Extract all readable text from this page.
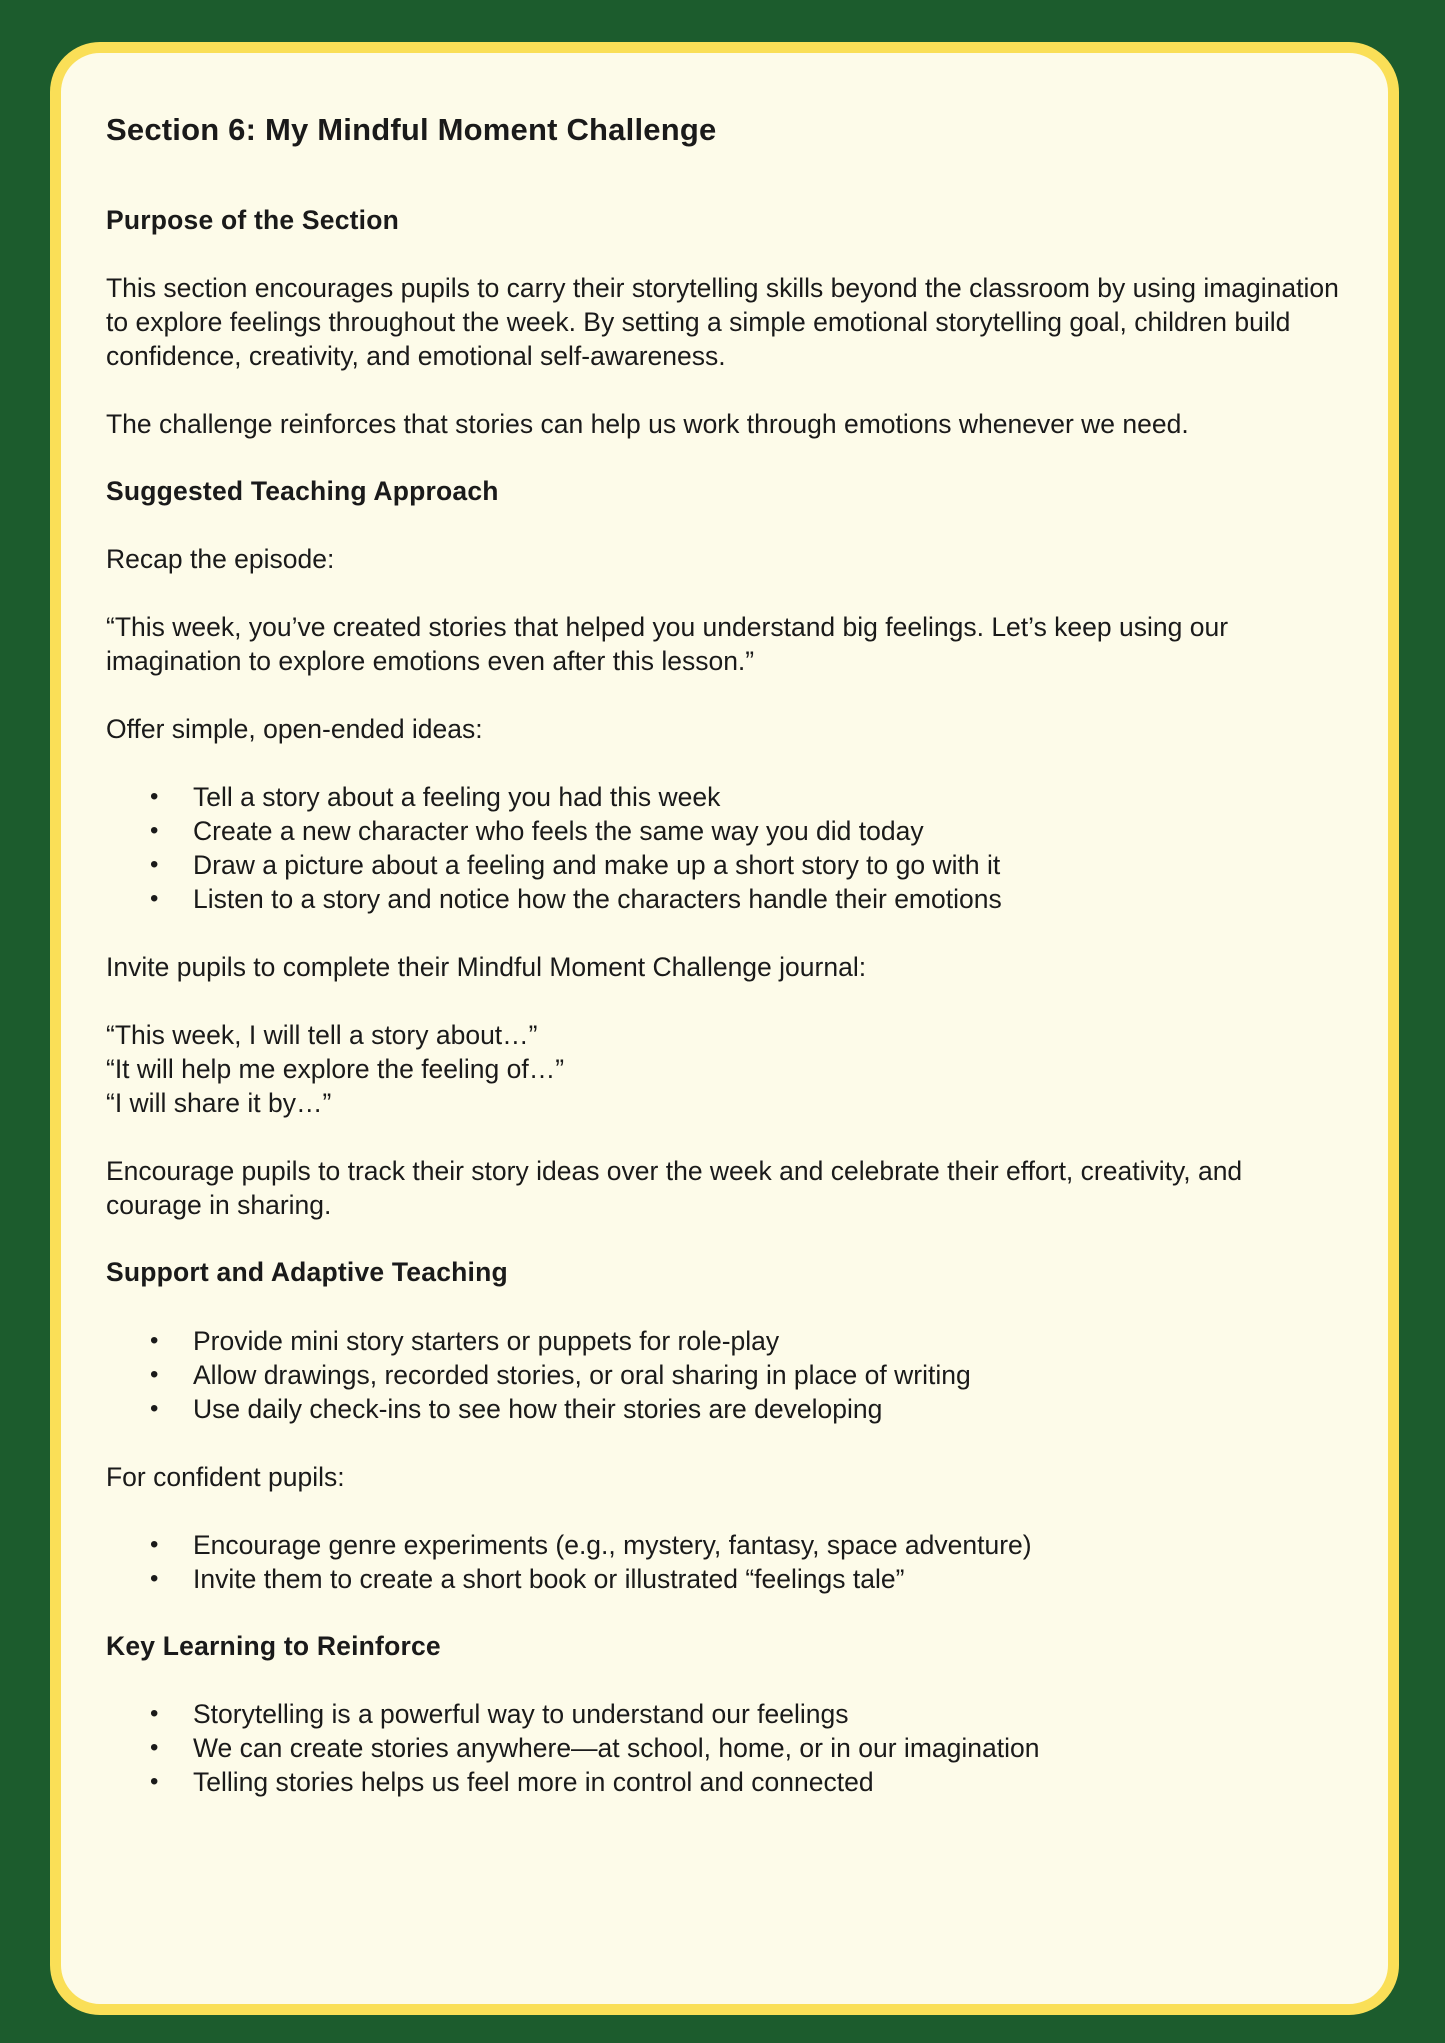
Section 6: My Mindful Moment Challenge
Purpose of the Section

This section encourages pupils to carry their storytelling skills beyond the classroom by using imagination to explore feelings throughout the week. By setting a simple emotional storytelling goal, children build confidence, creativity, and emotional self-awareness.

The challenge reinforces that stories can help us work through emotions whenever we need.

Suggested Teaching Approach

Recap the episode:

“This week, you’ve created stories that helped you understand big feelings. Let’s keep using our imagination to explore emotions even after this lesson.”

Offer simple, open-ended ideas:

• Tell a story about a feeling you had this week
• Create a new character who feels the same way you did today
• Draw a picture about a feeling and make up a short story to go with it
• Listen to a story and notice how the characters handle their emotions

Invite pupils to complete their Mindful Moment Challenge journal:

“This week, I will tell a story about…”
“It will help me explore the feeling of…”
“I will share it by…”

Encourage pupils to track their story ideas over the week and celebrate their effort, creativity, and courage in sharing.

Support and Adaptive Teaching
• Provide mini story starters or puppets for role-play
• Allow drawings, recorded stories, or oral sharing in place of writing
• Use daily check-ins to see how their stories are developing

For confident pupils:

• Encourage genre experiments (e.g., mystery, fantasy, space adventure)
• Invite them to create a short book or illustrated “feelings tale”
Key Learning to Reinforce
• Storytelling is a powerful way to understand our feelings
• We can create stories anywhere—at school, home, or in our imagination
• Telling stories helps us feel more in control and connected
